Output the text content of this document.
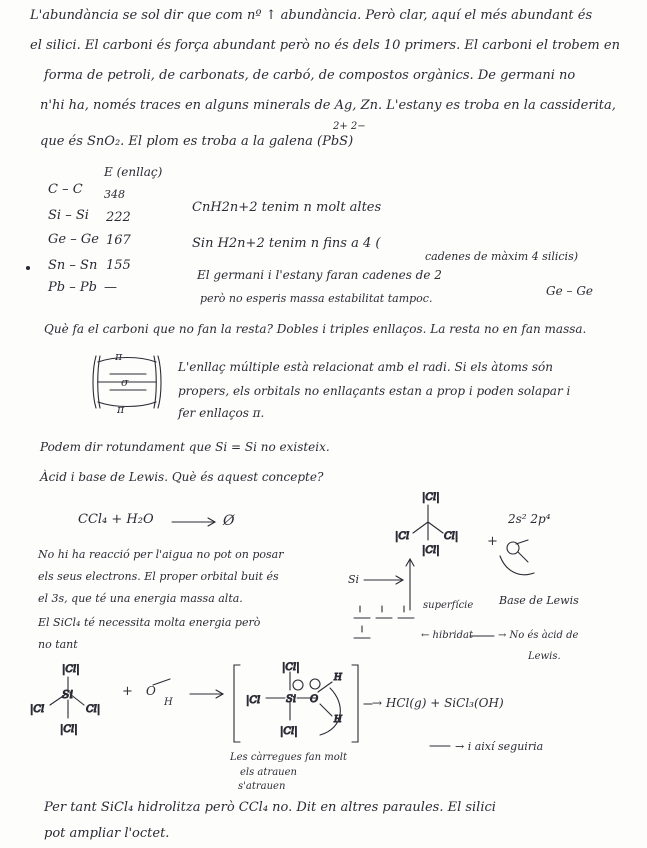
L'abundància se sol dir que com nº ↑ abundància. Però clar, aquí el més abundant és
el silici. El carboni és força abundant però no és dels 10 primers. El carboni el trobem en
forma de petroli, de carbonats, de carbó, de compostos orgànics. De germani no
n'hi ha, només traces en alguns minerals de Ag, Zn. L'estany es troba en la cassiderita,
que és SnO₂. El plom es troba a la galena (PbS)
2+ 2−
E (enllaç)
C – C 348
Si – Si 222
Ge – Ge 167
Sn – Sn 155
Pb – Pb —
CnH2n+2 tenim n molt altes
Sin H2n+2 tenim n fins a 4 (
cadenes de màxim 4 silicis)
El germani i l'estany faran cadenes de 2
Ge – Ge
però no esperis massa estabilitat tampoc.
Què fa el carboni que no fan la resta? Dobles i triples enllaços. La resta no en fan massa.
π
σ
π
L'enllaç múltiple està relacionat amb el radi. Si els àtoms són
propers, els orbitals no enllaçants estan a prop i poden solapar i
fer enllaços π.
Podem dir rotundament que Si = Si no existeix.
Àcid i base de Lewis. Què és aquest concepte?
CCl₄ + H₂O	Ø
No hi ha reacció per l'aigua no pot on posar
els seus electrons. El proper orbital buit és
el 3s, que té una energia massa alta.
El SiCl₄ té necessita molta energia però
no tant
2s² 2p⁴
+
Base de Lewis
Si
superfície
← hibridat	→ No és àcid de
Lewis.
+ O
H	→ HCl(g) + SiCl₃(OH)
→ i així seguiria
Les càrregues fan molt
els atrauen
s'atrauen
Per tant SiCl₄ hidrolitza però CCl₄ no. Dit en altres paraules. El silici
pot ampliar l'octet.
|Cl|
|Cl	Cl|
|Cl|
|Cl|
Si
|Cl	Cl|
|Cl|
|Cl|
|Cl	Si O
H
H
|Cl|
